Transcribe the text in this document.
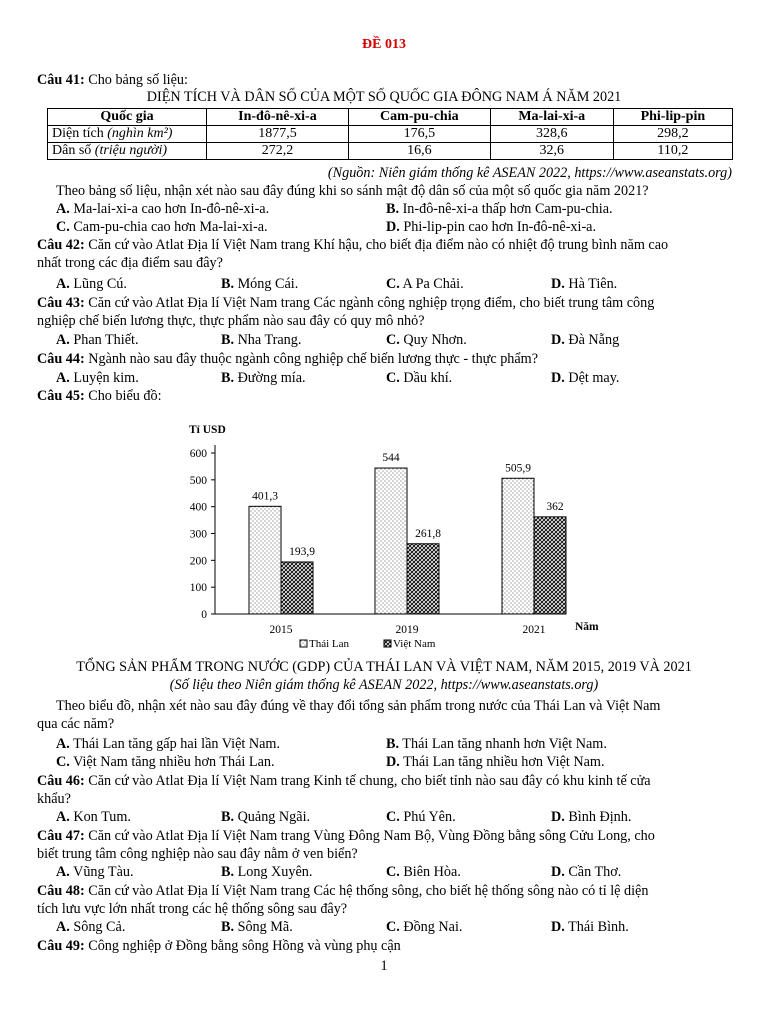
ĐỀ 013
Câu 41: Cho bảng số liệu:
DIỆN TÍCH VÀ DÂN SỐ CỦA MỘT SỐ QUỐC GIA ĐÔNG NAM Á NĂM 2021
Quốc gia	In-đô-nê-xi-a	Cam-pu-chia	Ma-lai-xi-a	Phi-lip-pin
Diện tích (nghìn km²)	1877,5	176,5	328,6	298,2
Dân số (triệu người)	272,2	16,6	32,6	110,2
(Nguồn: Niên giám thống kê ASEAN 2022, https://www.aseanstats.org)
Theo bảng số liệu, nhận xét nào sau đây đúng khi so sánh mật độ dân số của một số quốc gia năm 2021?
A. Ma-lai-xi-a cao hơn In-đô-nê-xi-a.	B. In-đô-nê-xi-a thấp hơn Cam-pu-chia.
C. Cam-pu-chia cao hơn Ma-lai-xi-a.	D. Phi-lip-pin cao hơn In-đô-nê-xi-a.
Câu 42: Căn cứ vào Atlat Địa lí Việt Nam trang Khí hậu, cho biết địa điểm nào có nhiệt độ trung bình năm cao
nhất trong các địa điểm sau đây?
A. Lũng Cú.	B. Móng Cái.	C. A Pa Chải.	D. Hà Tiên.
Câu 43: Căn cứ vào Atlat Địa lí Việt Nam trang Các ngành công nghiệp trọng điểm, cho biết trung tâm công
nghiệp chế biến lương thực, thực phẩm nào sau đây có quy mô nhỏ?
A. Phan Thiết.	B. Nha Trang.	C. Quy Nhơn.	D. Đà Nẵng
Câu 44: Ngành nào sau đây thuộc ngành công nghiệp chế biến lương thực - thực phẩm?
A. Luyện kim.	B. Đường mía.	C. Dầu khí.	D. Dệt may.
Câu 45: Cho biểu đồ:
0
100
200
300
400
500
600
Tỉ USD
Năm
401,3
193,9
2015
544
261,8
2019
505,9
362
2021
Thái Lan	Việt Nam
TỔNG SẢN PHẨM TRONG NƯỚC (GDP) CỦA THÁI LAN VÀ VIỆT NAM, NĂM 2015, 2019 VÀ 2021
(Số liệu theo Niên giám thống kê ASEAN 2022, https://www.aseanstats.org)
Theo biểu đồ, nhận xét nào sau đây đúng về thay đổi tổng sản phẩm trong nước của Thái Lan và Việt Nam
qua các năm?
A. Thái Lan tăng gấp hai lần Việt Nam.	B. Thái Lan tăng nhanh hơn Việt Nam.
C. Việt Nam tăng nhiều hơn Thái Lan.	D. Thái Lan tăng nhiều hơn Việt Nam.
Câu 46: Căn cứ vào Atlat Địa lí Việt Nam trang Kinh tế chung, cho biết tỉnh nào sau đây có khu kinh tế cửa
khẩu?
A. Kon Tum.	B. Quảng Ngãi.	C. Phú Yên.	D. Bình Định.
Câu 47: Căn cứ vào Atlat Địa lí Việt Nam trang Vùng Đông Nam Bộ, Vùng Đồng bằng sông Cửu Long, cho
biết trung tâm công nghiệp nào sau đây nằm ở ven biển?
A. Vũng Tàu.	B. Long Xuyên.	C. Biên Hòa.	D. Cần Thơ.
Câu 48: Căn cứ vào Atlat Địa lí Việt Nam trang Các hệ thống sông, cho biết hệ thống sông nào có tỉ lệ diện
tích lưu vực lớn nhất trong các hệ thống sông sau đây?
A. Sông Cả.	B. Sông Mã.	C. Đồng Nai.	D. Thái Bình.
Câu 49: Công nghiệp ở Đồng bằng sông Hồng và vùng phụ cận
1
